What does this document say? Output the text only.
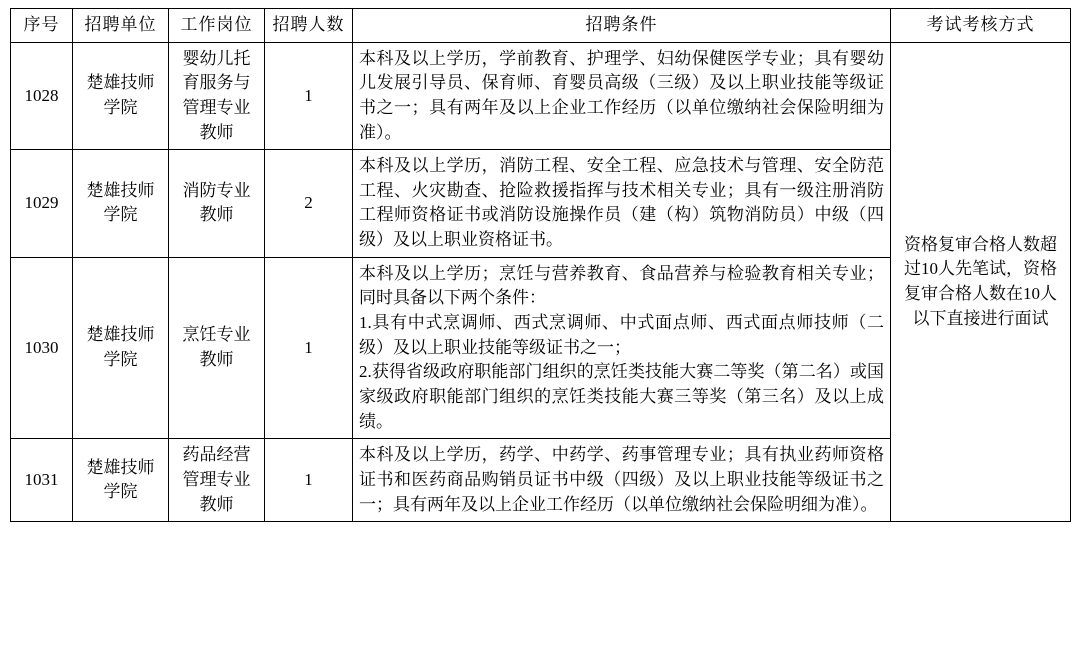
序号	招聘单位	工作岗位	招聘人数	招聘条件	考试考核方式
1028	楚雄技师学院	婴幼儿托育服务与管理专业教师	1	本科及以上学历，学前教育、护理学、妇幼保健医学专业；具有婴幼儿发展引导员、保育师、育婴员高级（三级）及以上职业技能等级证书之一；具有两年及以上企业工作经历（以单位缴纳社会保险明细为准）。	资格复审合格人数超过10人先笔试，资格复审合格人数在10人以下直接进行面试
1029	楚雄技师学院	消防专业教师	2	本科及以上学历，消防工程、安全工程、应急技术与管理、安全防范工程、火灾勘查、抢险救援指挥与技术相关专业；具有一级注册消防工程师资格证书或消防设施操作员（建（构）筑物消防员）中级（四级）及以上职业资格证书。	
1030	楚雄技师学院	烹饪专业教师	1	本科及以上学历；烹饪与营养教育、食品营养与检验教育相关专业；同时具备以下两个条件：
1.具有中式烹调师、西式烹调师、中式面点师、西式面点师技师（二级）及以上职业技能等级证书之一；
2.获得省级政府职能部门组织的烹饪类技能大赛二等奖（第二名）或国家级政府职能部门组织的烹饪类技能大赛三等奖（第三名）及以上成绩。	

1031	楚雄技师学院	药品经营管理专业教师	1	本科及以上学历，药学、中药学、药事管理专业；具有执业药师资格证书和医药商品购销员证书中级（四级）及以上职业技能等级证书之一；具有两年及以上企业工作经历（以单位缴纳社会保险明细为准）。	
